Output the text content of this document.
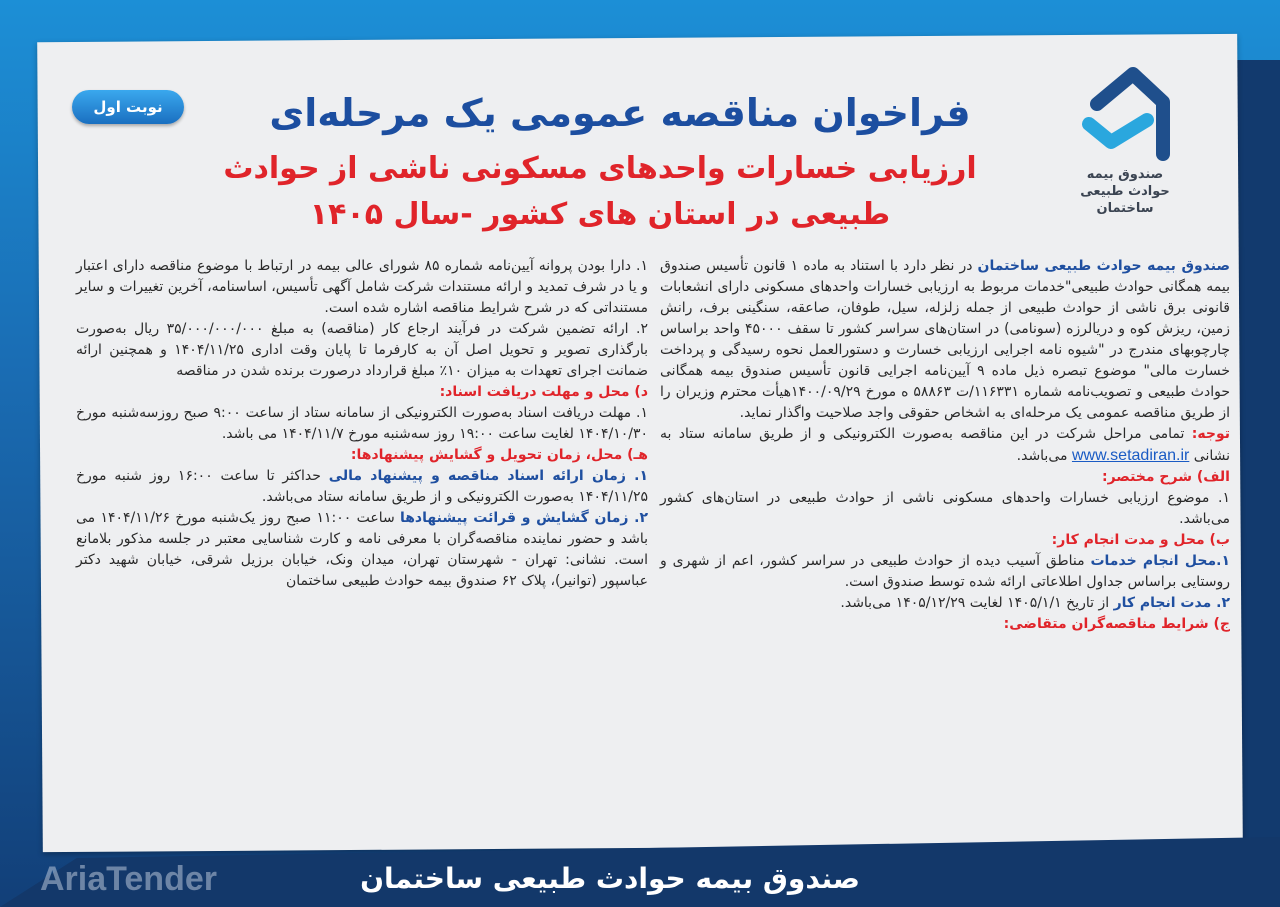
صندوق بیمه حوادث طبیعی ساختمان
AriaTender
صندوق بیمه
حوادث طبیعی
ساختمان
نوبت اول	فراخوان مناقصه عمومی یک مرحله‌ای
ارزیابی خسارات واحدهای مسکونی ناشی از حوادث
طبیعی در استان های کشور -سال ۱۴۰۵

صندوق بیمه حوادث طبیعی ساختمان در نظر دارد با استناد به ماده ۱ قانون تأسیس صندوق بیمه همگانی حوادث طبیعی"خدمات مربوط به ارزیابی خسارات واحدهای مسکونی دارای انشعابات قانونی برق ناشی از حوادث طبیعی از جمله زلزله، سیل، طوفان، صاعقه، سنگینی برف، رانش زمین، ریزش کوه و دریالرزه (سونامی) در استان‌های سراسر کشور تا سقف ۴۵۰۰۰ واحد براساس چارچوبهای مندرج در "شیوه نامه اجرایی ارزیابی خسارت و دستورالعمل نحوه رسیدگی و پرداخت خسارت مالی" موضوع تبصره ذیل ماده ۹ آیین‌نامه اجرایی قانون تأسیس صندوق بیمه همگانی حوادث طبیعی و تصویب‌نامه شماره ۱۱۶۳۳۱/ت ۵۸۸۶۳ ه مورخ ۱۴۰۰/۰۹/۲۹هیأت محترم وزیران را از طریق مناقصه عمومی یک مرحله‌ای به اشخاص حقوقی واجد صلاحیت واگذار نماید.

توجه: تمامی مراحل شرکت در این مناقصه به‌صورت الکترونیکی و از طریق سامانه ستاد به نشانی www.setadiran.ir می‌باشد.

الف) شرح مختصر:

۱. موضوع ارزیابی خسارات واحدهای مسکونی ناشی از حوادث طبیعی در استان‌های کشور می‌باشد.

ب) محل و مدت انجام کار:

۱.محل انجام خدمات مناطق آسیب دیده از حوادث طبیعی در سراسر کشور، اعم از شهری و روستایی براساس جداول اطلاعاتی ارائه شده توسط صندوق است.

۲. مدت انجام کار از تاریخ ۱۴۰۵/۱/۱ لغایت ۱۴۰۵/۱۲/۲۹ می‌باشد.

ج) شرایط مناقصه‌گران متقاضی:

۱. دارا بودن پروانه آیین‌نامه شماره ۸۵ شورای عالی بیمه در ارتباط با موضوع مناقصه دارای اعتبار و یا در شرف تمدید و ارائه مستندات شرکت شامل آگهی تأسیس، اساسنامه، آخرین تغییرات و سایر مستنداتی که در شرح شرایط مناقصه اشاره شده است.

۲. ارائه تضمین شرکت در فرآیند ارجاع کار (مناقصه) به مبلغ ۳۵/۰۰۰/۰۰۰/۰۰۰ ریال به‌صورت بارگذاری تصویر و تحویل اصل آن به کارفرما تا پایان وقت اداری ۱۴۰۴/۱۱/۲۵ و همچنین ارائه ضمانت اجرای تعهدات به میزان ۱۰٪ مبلغ قرارداد درصورت برنده شدن در مناقصه

د) محل و مهلت دریافت اسناد:

۱. مهلت دریافت اسناد به‌صورت الکترونیکی از سامانه ستاد از ساعت ۹:۰۰ صبح روزسه‌شنبه مورخ ۱۴۰۴/۱۰/۳۰ لغایت ساعت ۱۹:۰۰ روز سه‌شنبه مورخ ۱۴۰۴/۱۱/۷ می باشد.

هـ) محل، زمان تحویل و گشایش پیشنهادها:

۱. زمان ارائه اسناد مناقصه و پیشنهاد مالی حداکثر تا ساعت ۱۶:۰۰ روز شنبه مورخ ۱۴۰۴/۱۱/۲۵ به‌صورت الکترونیکی و از طریق سامانه ستاد می‌باشد.

۲. زمان گشایش و قرائت پیشنهادها ساعت ۱۱:۰۰ صبح روز یک‌شنبه مورخ ۱۴۰۴/۱۱/۲۶ می باشد و حضور نماینده مناقصه‌گران با معرفی نامه و کارت شناسایی معتبر در جلسه مذکور بلامانع است. نشانی: تهران - شهرستان تهران، میدان ونک، خیابان برزیل شرقی، خیابان شهید دکتر عباسپور (توانیر)، پلاک ۶۲ صندوق بیمه حوادث طبیعی ساختمان
